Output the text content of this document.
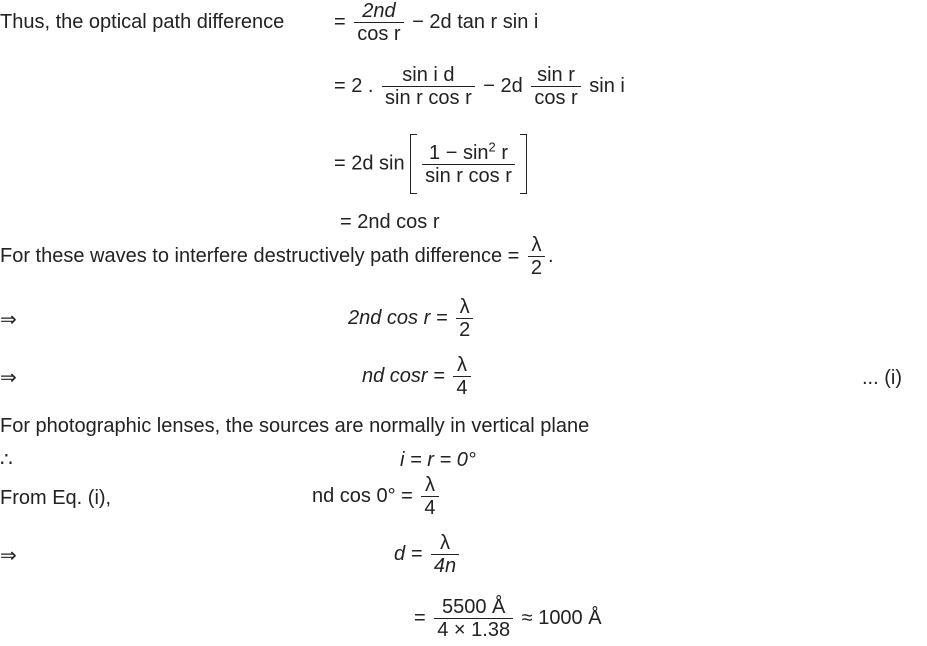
Thus, the optical path difference = $\frac{2nd}{\text{cos r}} - 2d$ tan r sin i
= 2 . $\frac{\text{sin i d}}{\text{sin r cos r}} - 2d \frac{\text{sin r}}{\text{cos r}}$ sin i
= 2d $\sin \frac{1 - \sin^2 r}{\text{sin r cos r}}$
= 2nd cos r
For these waves to interfere destructively path difference = $\frac{\lambda}{2}$ .
⇒	2nd $\cos r = \frac{\lambda}{2}$
⇒	nd $\cos r = \frac{\lambda}{4}$	... (i)
For photographic lenses, the sources are normally in vertical plane
∴	i = r = 0°
From Eq. (i),	nd $\cos 0^\circ = \frac{\lambda}{4}$
⇒	$d = \frac{\lambda}{4n}$
= $\frac{5500 Å}{4 \times 1.38} \approx 1000$ Å
